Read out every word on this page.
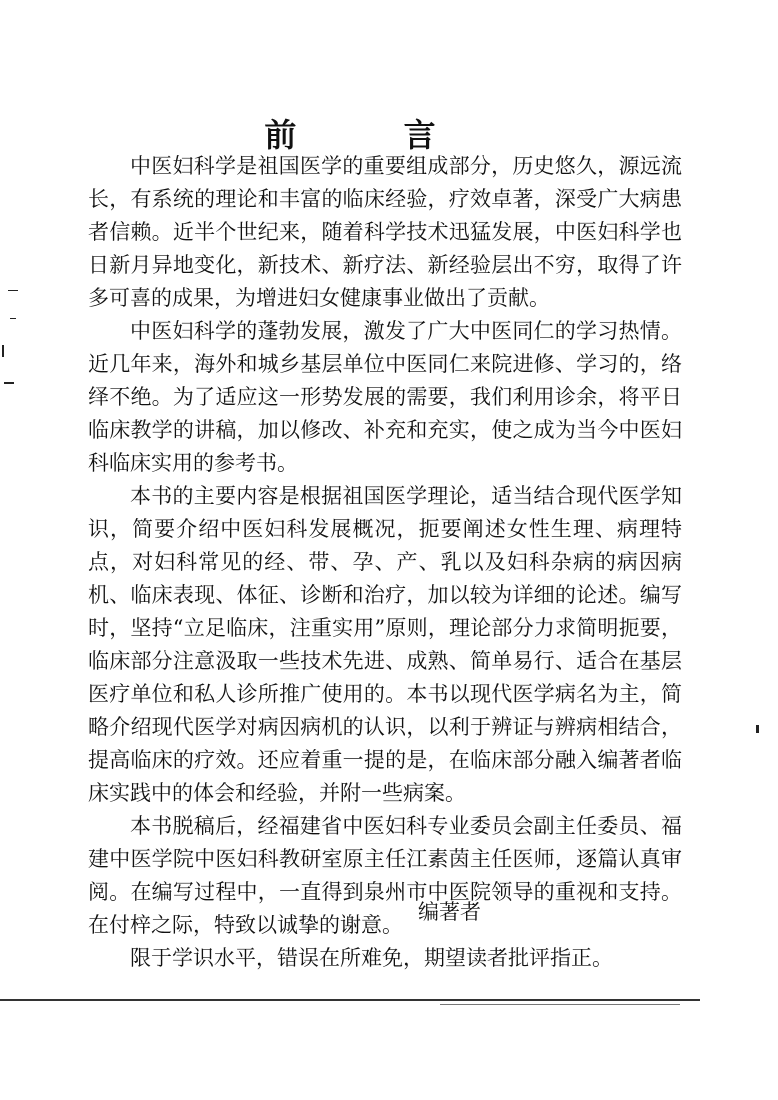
前 言

中医妇科学是祖国医学的重要组成部分，历史悠久，源远流长，有系统的理论和丰富的临床经验，疗效卓著，深受广大病患者信赖。近半个世纪来，随着科学技术迅猛发展，中医妇科学也日新月异地变化，新技术、新疗法、新经验层出不穷，取得了许多可喜的成果，为增进妇女健康事业做出了贡献。

中医妇科学的蓬勃发展，激发了广大中医同仁的学习热情。近几年来，海外和城乡基层单位中医同仁来院进修、学习的，络绎不绝。为了适应这一形势发展的需要，我们利用诊余，将平日临床教学的讲稿，加以修改、补充和充实，使之成为当今中医妇科临床实用的参考书。

本书的主要内容是根据祖国医学理论，适当结合现代医学知识，简要介绍中医妇科发展概况，扼要阐述女性生理、病理特点，对妇科常见的经、带、孕、产、乳以及妇科杂病的病因病机、临床表现、体征、诊断和治疗，加以较为详细的论述。编写时，坚持“立足临床，注重实用”原则，理论部分力求简明扼要，临床部分注意汲取一些技术先进、成熟、简单易行、适合在基层医疗单位和私人诊所推广使用的。本书以现代医学病名为主，简略介绍现代医学对病因病机的认识，以利于辨证与辨病相结合，提高临床的疗效。还应着重一提的是，在临床部分融入编著者临床实践中的体会和经验，并附一些病案。

本书脱稿后，经福建省中医妇科专业委员会副主任委员、福建中医学院中医妇科教研室原主任江素茵主任医师，逐篇认真审阅。在编写过程中，一直得到泉州市中医院领导的重视和支持。在付梓之际，特致以诚挚的谢意。

限于学识水平，错误在所难免，期望读者批评指正。

编著者
